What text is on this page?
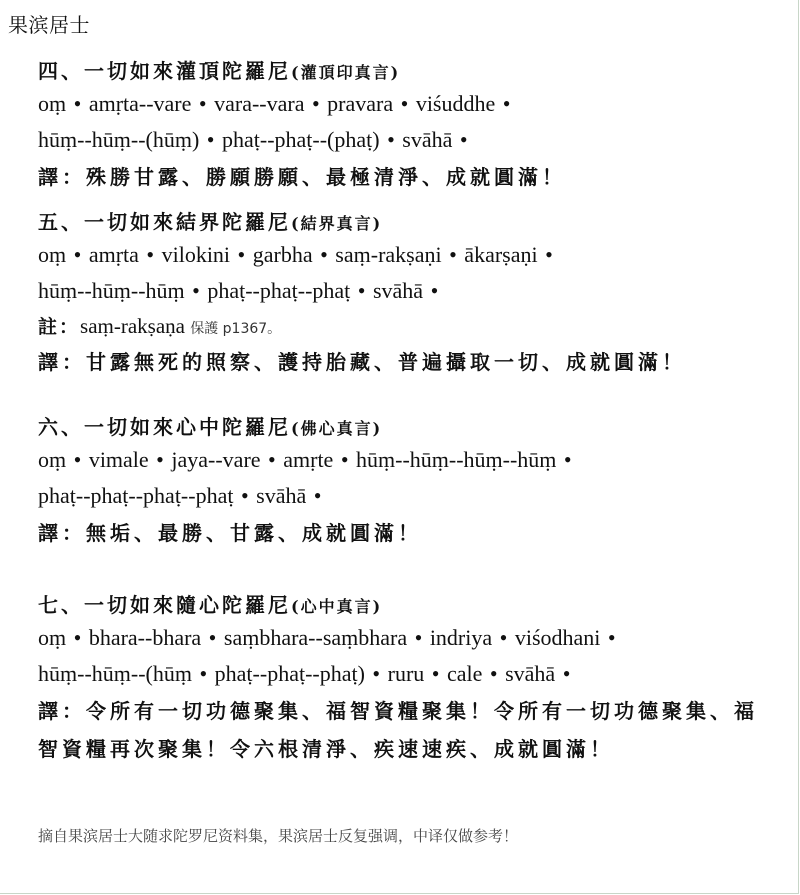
果滨居士
四、一切如來灌頂陀羅尼(灌頂印真言)
oṃ • amṛta--vare • vara--vara • pravara • viśuddhe •
hūṃ--hūṃ--(hūṃ) • phaṭ--phaṭ--(phaṭ) • svāhā •
譯：殊勝甘露、勝願勝願、最極清淨、成就圓滿！
五、一切如來結界陀羅尼(結界真言)
oṃ • amṛta • vilokini • garbha • saṃ-rakṣaṇi • ākarṣaṇi •
hūṃ--hūṃ--hūṃ • phaṭ--phaṭ--phaṭ • svāhā •
註：saṃ-rakṣaṇa 保護 p1367。
譯：甘露無死的照察、護持胎藏、普遍攝取一切、成就圓滿！
六、一切如來心中陀羅尼(佛心真言)
oṃ • vimale • jaya--vare • amṛte • hūṃ--hūṃ--hūṃ--hūṃ •
phaṭ--phaṭ--phaṭ--phaṭ • svāhā •
譯：無垢、最勝、甘露、成就圓滿！
七、一切如來隨心陀羅尼(心中真言)
oṃ • bhara--bhara • saṃbhara--saṃbhara • indriya • viśodhani •
hūṃ--hūṃ--(hūṃ • phaṭ--phaṭ--phaṭ) • ruru • cale • svāhā •
譯：令所有一切功德聚集、福智資糧聚集！令所有一切功德聚集、福智資糧再次聚集！令六根清淨、疾速速疾、成就圓滿！
摘自果滨居士大随求陀罗尼资料集，果滨居士反复强调，中译仅做参考！
